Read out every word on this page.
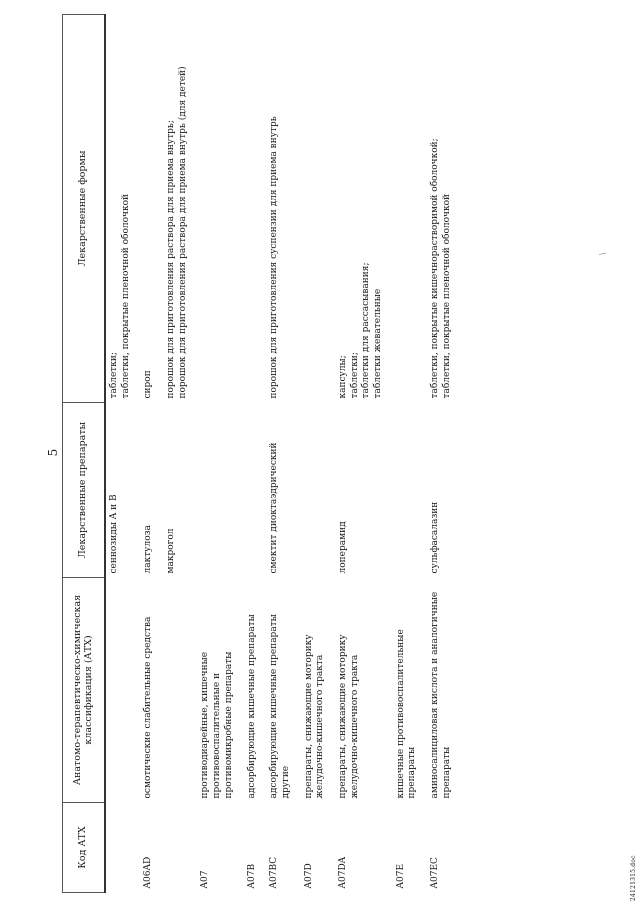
5
Код АТХ	Анатомо-терапевтическо-химическая классификация (АТХ)	Лекарственные препараты	Лекарственные формы
		сеннозиды A и B	таблетки;
таблетки, покрытые пленочной оболочкой
A06AD	осмотические слабительные средства	лактулоза	сироп
		макрогол	порошок для приготовления раствора для приема внутрь;
порошок для приготовления раствора для приема внутрь (для детей)
A07	противодиарейные, кишечные противовоспалительные и противомикробные препараты		
A07B	адсорбирующие кишечные препараты		
A07BC	адсорбирующие кишечные препараты другие	смектит диоктаэдрический	порошок для приготовления суспензии для приема внутрь
A07D	препараты, снижающие моторику желудочно-кишечного тракта		
A07DA	препараты, снижающие моторику желудочно-кишечного тракта	лоперамид	капсулы;
таблетки;
таблетки для рассасывания;
таблетки жевательные
A07E	кишечные противовоспалительные препараты		
A07EC	аминосалициловая кислота и аналогичные препараты	сульфасалазин	таблетки, покрытые кишечнорастворимой оболочкой;
таблетки, покрытые пленочной оболочкой
/
24121315.doc
